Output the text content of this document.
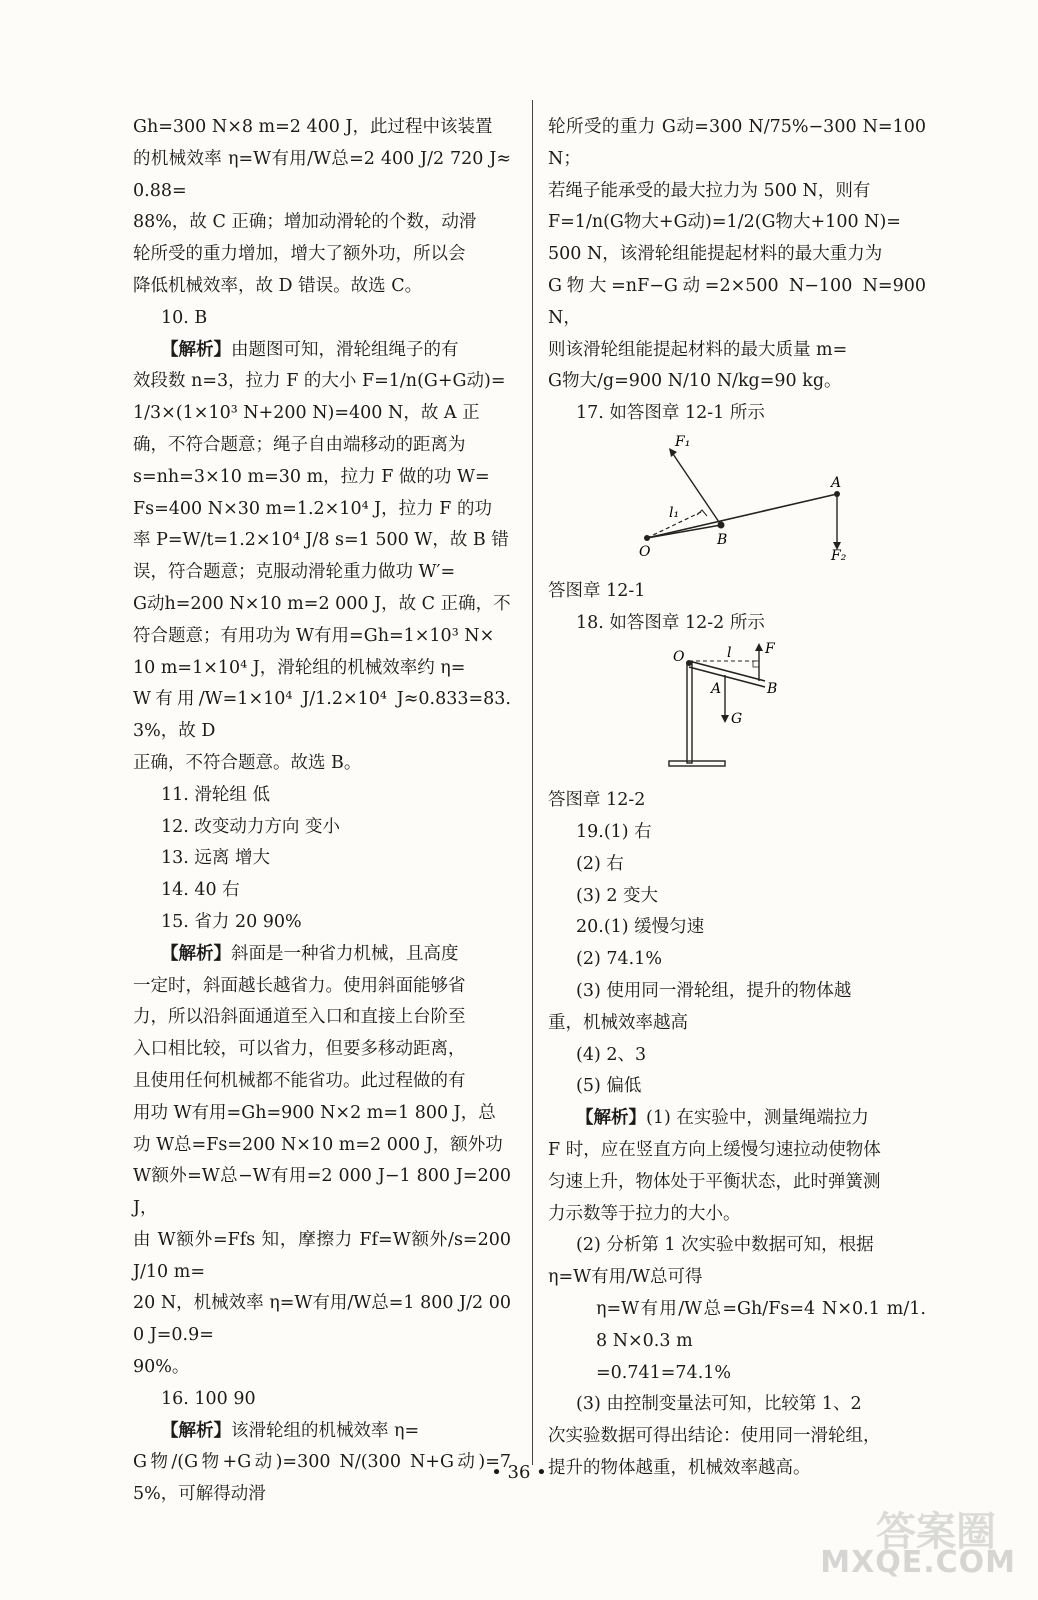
Gh=300 N×8 m=2 400 J，此过程中该装置

的机械效率 η=W有用/W总=2 400 J/2 720 J≈0.88=

88%，故 C 正确；增加动滑轮的个数，动滑

轮所受的重力增加，增大了额外功，所以会

降低机械效率，故 D 错误。故选 C。

10. B

【解析】由题图可知，滑轮组绳子的有

效段数 n=3，拉力 F 的大小 F=1/n(G+G动)=

1/3×(1×10³ N+200 N)=400 N，故 A 正

确，不符合题意；绳子自由端移动的距离为

s=nh=3×10 m=30 m，拉力 F 做的功 W=

Fs=400 N×30 m=1.2×10⁴ J，拉力 F 的功

率 P=W/t=1.2×10⁴ J/8 s=1 500 W，故 B 错

误，符合题意；克服动滑轮重力做功 W′=

G动h=200 N×10 m=2 000 J，故 C 正确，不

符合题意；有用功为 W有用=Gh=1×10³ N×

10 m=1×10⁴ J，滑轮组的机械效率约 η=

W有用/W=1×10⁴ J/1.2×10⁴ J≈0.833=83.3%，故 D

正确，不符合题意。故选 B。

11. 滑轮组 低

12. 改变动力方向 变小

13. 远离 增大

14. 40 右

15. 省力 20 90%

【解析】斜面是一种省力机械，且高度

一定时，斜面越长越省力。使用斜面能够省

力，所以沿斜面通道至入口和直接上台阶至

入口相比较，可以省力，但要多移动距离，

且使用任何机械都不能省功。此过程做的有

用功 W有用=Gh=900 N×2 m=1 800 J，总

功 W总=Fs=200 N×10 m=2 000 J，额外功

W额外=W总−W有用=2 000 J−1 800 J=200 J，

由 W额外=Ffs 知，摩擦力 Ff=W额外/s=200 J/10 m=

20 N，机械效率 η=W有用/W总=1 800 J/2 000 J=0.9=

90%。

16. 100 90

【解析】该滑轮组的机械效率 η=

G物/(G物+G动)=300 N/(300 N+G动)=75%，可解得动滑

轮所受的重力 G动=300 N/75%−300 N=100 N；

若绳子能承受的最大拉力为 500 N，则有

F=1/n(G物大+G动)=1/2(G物大+100 N)=

500 N，该滑轮组能提起材料的最大重力为

G物大=nF−G动=2×500 N−100 N=900 N，

则该滑轮组能提起材料的最大质量 m=

G物大/g=900 N/10 N/kg=90 kg。

17. 如答图章 12-1 所示

O
B
A
F₁
F₂
l₁

答图章 12-1

18. 如答图章 12-2 所示

O	l F
B
A
G

答图章 12-2

19.(1) 右

(2) 右

(3) 2 变大

20.(1) 缓慢匀速

(2) 74.1%

(3) 使用同一滑轮组，提升的物体越

重，机械效率越高

(4) 2、3

(5) 偏低

【解析】(1) 在实验中，测量绳端拉力

F 时，应在竖直方向上缓慢匀速拉动使物体

匀速上升，物体处于平衡状态，此时弹簧测

力示数等于拉力的大小。

(2) 分析第 1 次实验中数据可知，根据

η=W有用/W总可得

η=W有用/W总=Gh/Fs=4 N×0.1 m/1.8 N×0.3 m

=0.741=74.1%

(3) 由控制变量法可知，比较第 1、2

次实验数据可得出结论：使用同一滑轮组，

提升的物体越重，机械效率越高。

• 36 •
答案圈
MXQE.COM
